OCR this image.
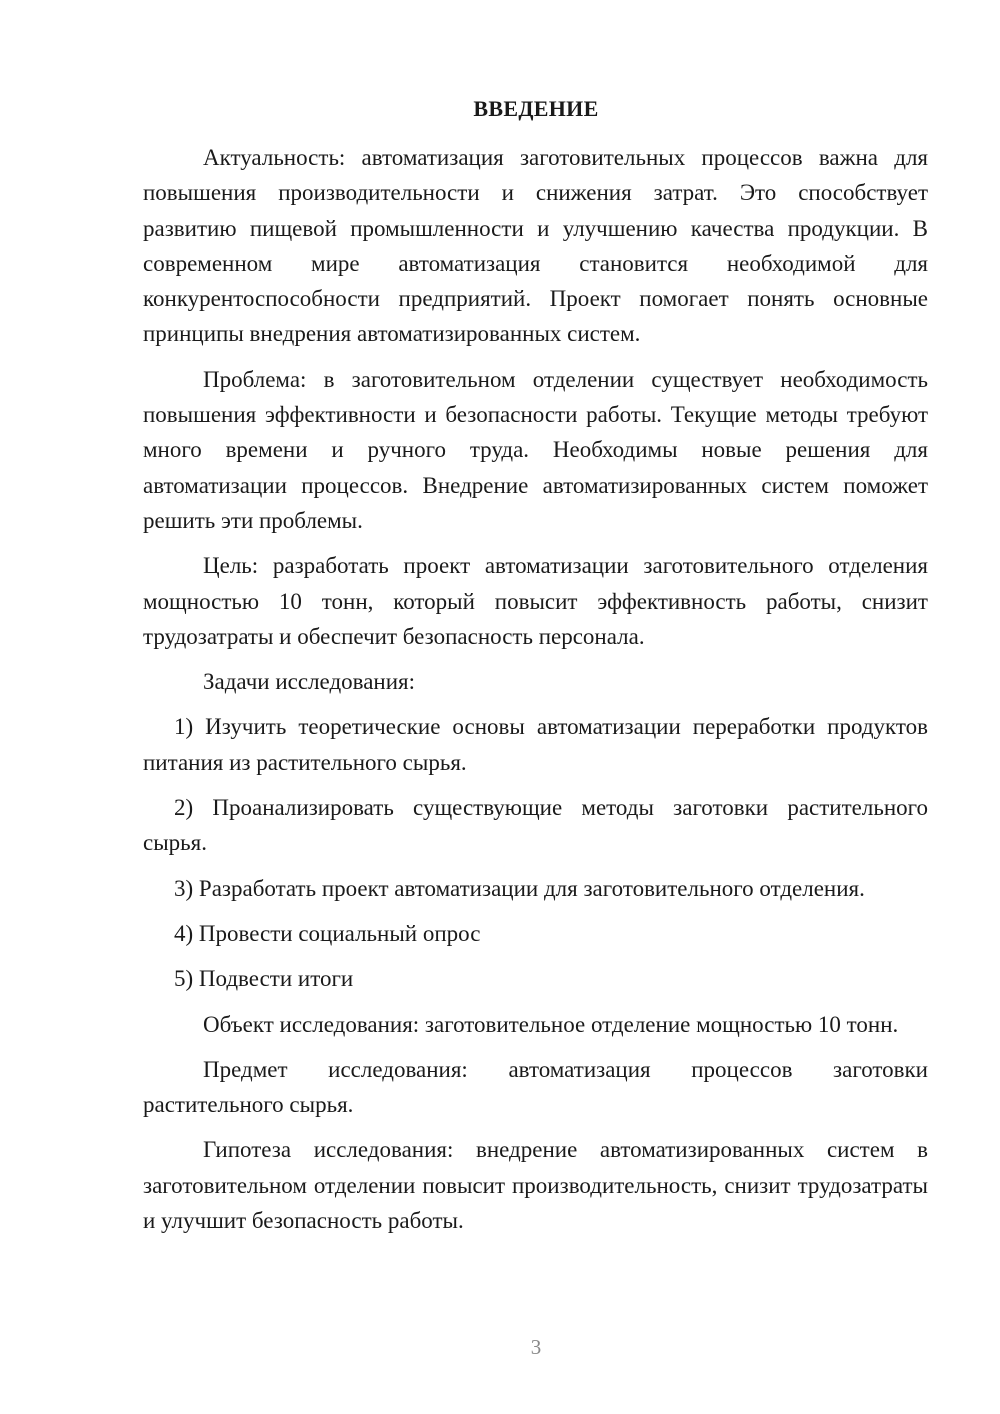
ВВЕДЕНИЕ

Актуальность: автоматизация заготовительных процессов важна для повышения производительности и снижения затрат. Это способствует развитию пищевой промышленности и улучшению качества продукции. В современном мире автоматизация становится необходимой для конкурентоспособности предприятий. Проект помогает понять основные принципы внедрения автоматизированных систем.

Проблема: в заготовительном отделении существует необходимость повышения эффективности и безопасности работы. Текущие методы требуют много времени и ручного труда. Необходимы новые решения для автоматизации процессов. Внедрение автоматизированных систем поможет решить эти проблемы.

Цель: разработать проект автоматизации заготовительного отделения мощностью 10 тонн, который повысит эффективность работы, снизит трудозатраты и обеспечит безопасность персонала.

Задачи исследования:

1) Изучить теоретические основы автоматизации переработки продуктов питания из растительного сырья.

2) Проанализировать существующие методы заготовки растительного сырья.

3) Разработать проект автоматизации для заготовительного отделения.

4) Провести социальный опрос

5) Подвести итоги

Объект исследования: заготовительное отделение мощностью 10 тонн.

Предмет исследования: автоматизация процессов заготовки растительного сырья.

Гипотеза исследования: внедрение автоматизированных систем в заготовительном отделении повысит производительность, снизит трудозатраты и улучшит безопасность работы.

3
